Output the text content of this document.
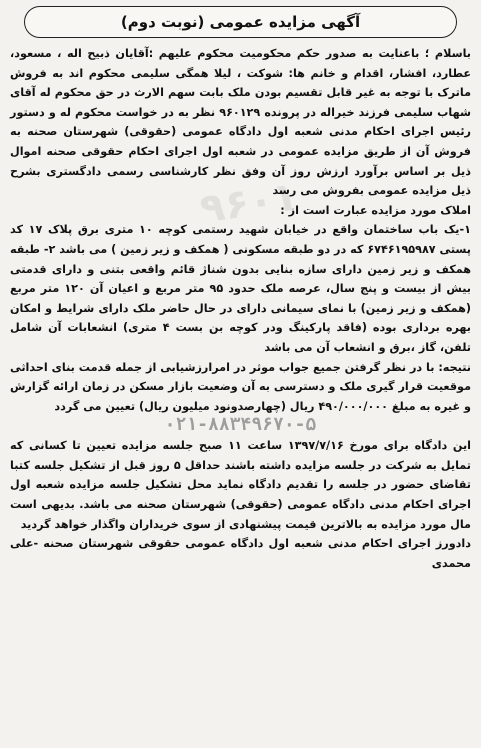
۹۶۰۱
آگهی مزایده عمومی (نوبت دوم)

باسلام ؛ باعنایت به صدور حکم محکومیت محکوم علیهم :آقایان ذبیح اله ، مسعود، عطارد، افشار، اقدام و خانم ها: شوکت ، لیلا همگی سلیمی محکوم اند به فروش ماترک با توجه به غیر قابل تقسیم بودن ملک بابت سهم الارث در حق محکوم له آقای شهاب سلیمی فرزند خیراله در پرونده ۹۶۰۱۲۹ نظر به در خواست محکوم له و دستور رئیس اجرای احکام مدنی شعبه اول دادگاه عمومی (حقوقی) شهرستان صحنه به فروش آن از طریق مزایده عمومی در شعبه اول اجرای احکام حقوقی صحنه اموال ذیل بر اساس برآورد ارزش روز آن وفق نظر کارشناسی رسمی دادگستری بشرح ذیل مزایده عمومی بفروش می رسد

املاک مورد مزایده عبارت است از :

۱-یک باب ساختمان واقع در خیابان شهید رستمی کوچه ۱۰ متری برق پلاک ۱۷ کد پستی ۶۷۴۶۱۹۵۹۸۷ که در دو طبقه مسکونی ( همکف و زیر زمین ) می باشد ۲- طبقه همکف و زیر زمین دارای سازه بنایی بدون شناژ قائم واقعی بتنی و دارای قدمتی بیش از بیست و پنج سال، عرصه ملک حدود ۹۵ متر مربع و اعیان آن ۱۲۰ متر مربع (همکف و زیر زمین) با نمای سیمانی دارای در حال حاضر ملک دارای شرایط و امکان بهره برداری بوده (فاقد پارکینگ ودر کوچه بن بست ۴ متری) انشعابات آن شامل تلفن، گاز ،برق و انشعاب آن می باشد

نتیجه: با در نظر گرفتن جمیع جواب موثر در امرارزشیابی از جمله قدمت بنای احداثی موقعیت قرار گیری ملک و دسترسی به آن وضعیت بازار مسکن در زمان ارائه گزارش و غیره به مبلغ ۴۹۰/۰۰۰/۰۰۰ ریال (چهارصدونود میلیون ریال) تعیین می گردد

۰۲۱-۸۸۳۴۹۶۷۰-۵

این دادگاه برای مورخ ۱۳۹۷/۷/۱۶ ساعت ۱۱ صبح جلسه مزایده تعیین تا کسانی که تمایل به شرکت در جلسه مزایده داشته باشند حداقل ۵ روز قبل از تشکیل جلسه کتبا تقاضای حضور در جلسه را تقدیم دادگاه نماید محل تشکیل جلسه مزایده شعبه اول اجرای احکام مدنی دادگاه عمومی (حقوقی) شهرستان صحنه می باشد. بدیهی است مال مورد مزایده به بالاترین قیمت پیشنهادی از سوی خریداران واگذار خواهد گردید

دادورز اجرای احکام مدنی شعبه اول دادگاه عمومی حقوقی شهرستان صحنه -علی محمدی
